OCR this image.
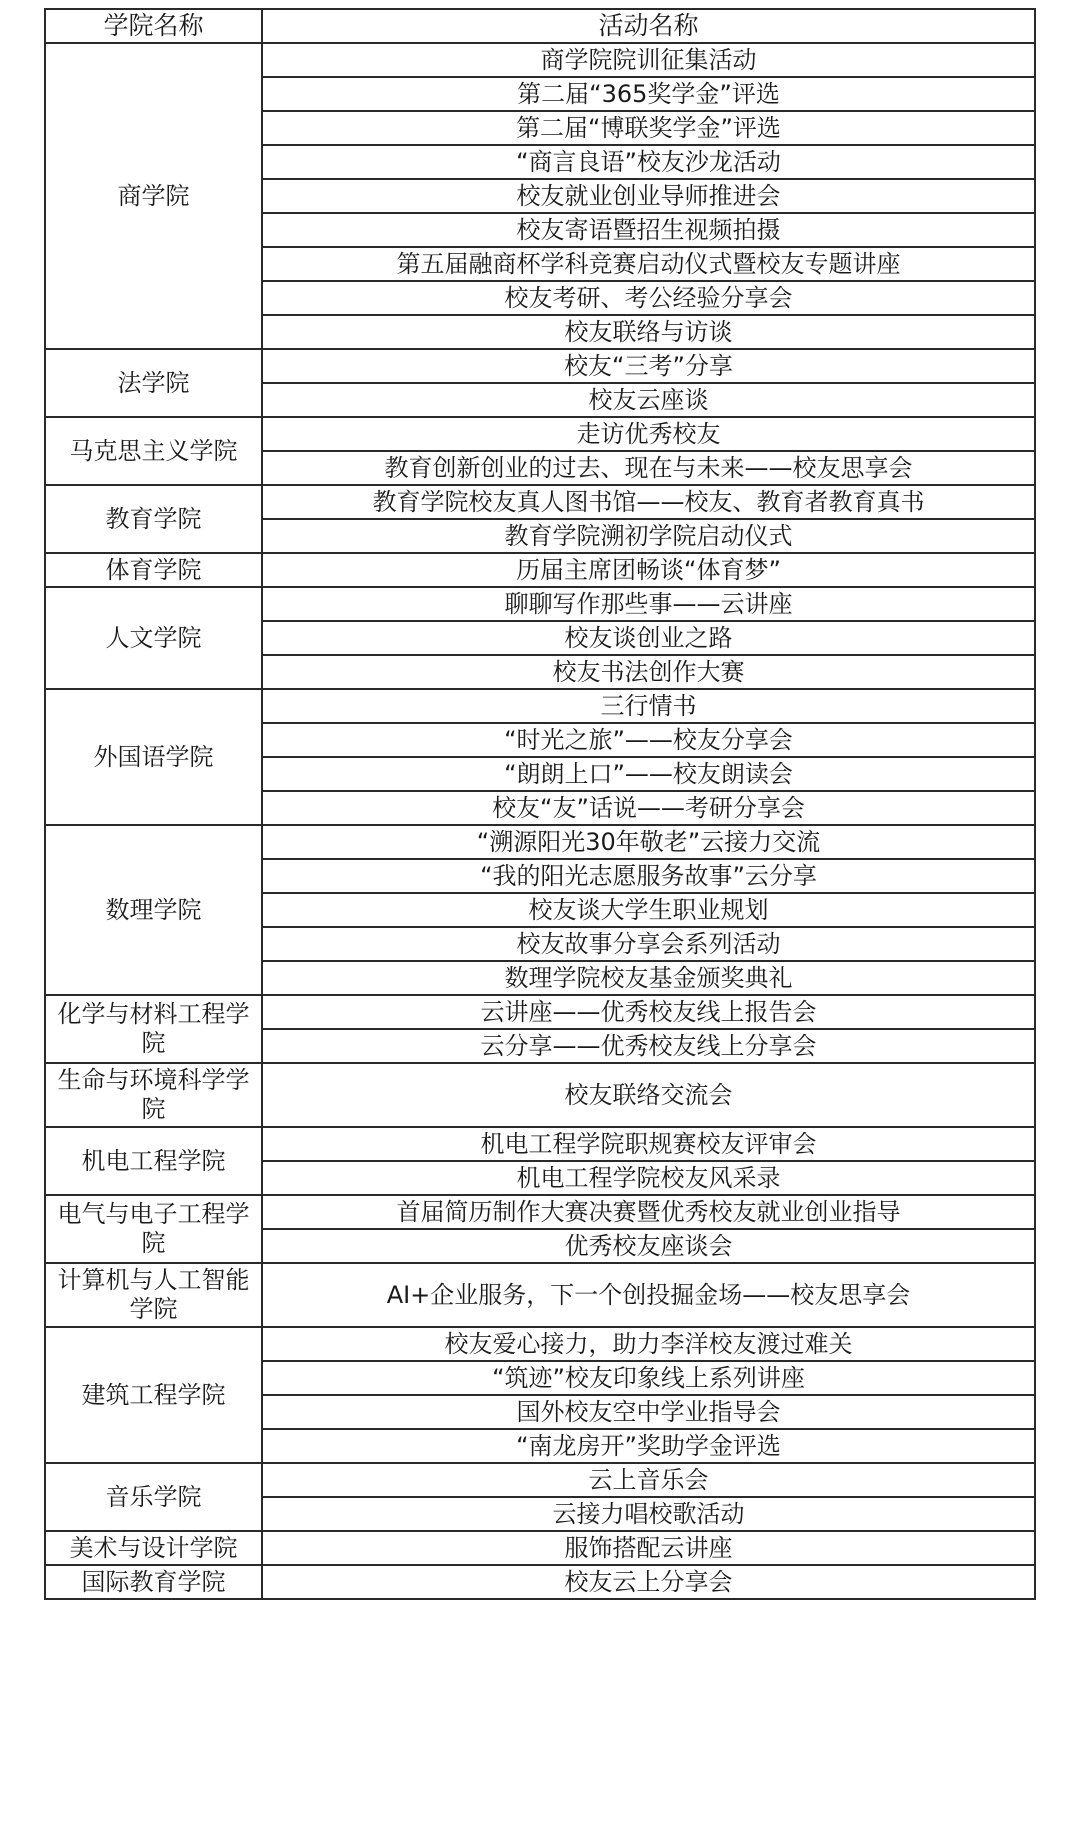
学院名称	活动名称
商学院	商学院院训征集活动
	第二届“365奖学金”评选
	第二届“博联奖学金”评选
	“商言良语”校友沙龙活动
	校友就业创业导师推进会
	校友寄语暨招生视频拍摄
	第五届融商杯学科竞赛启动仪式暨校友专题讲座
	校友考研、考公经验分享会
	校友联络与访谈
法学院	校友“三考”分享
	校友云座谈
马克思主义学院	走访优秀校友
	教育创新创业的过去、现在与未来——校友思享会
教育学院	教育学院校友真人图书馆——校友、教育者教育真书
	教育学院溯初学院启动仪式
体育学院	历届主席团畅谈“体育梦”
人文学院	聊聊写作那些事——云讲座
	校友谈创业之路
	校友书法创作大赛
外国语学院	三行情书
	“时光之旅”——校友分享会
	“朗朗上口”——校友朗读会
	校友“友”话说——考研分享会
数理学院	“溯源阳光30年敬老”云接力交流
	“我的阳光志愿服务故事”云分享
	校友谈大学生职业规划
	校友故事分享会系列活动
	数理学院校友基金颁奖典礼
化学与材料工程学院	云讲座——优秀校友线上报告会
	云分享——优秀校友线上分享会
生命与环境科学学院	校友联络交流会
机电工程学院	机电工程学院职规赛校友评审会
	机电工程学院校友风采录
电气与电子工程学院	首届简历制作大赛决赛暨优秀校友就业创业指导
	优秀校友座谈会
计算机与人工智能学院	AI+企业服务，下一个创投掘金场——校友思享会
建筑工程学院	校友爱心接力，助力李洋校友渡过难关
	“筑迹”校友印象线上系列讲座
	国外校友空中学业指导会
	“南龙房开”奖助学金评选
音乐学院	云上音乐会
	云接力唱校歌活动
美术与设计学院	服饰搭配云讲座
国际教育学院	校友云上分享会
